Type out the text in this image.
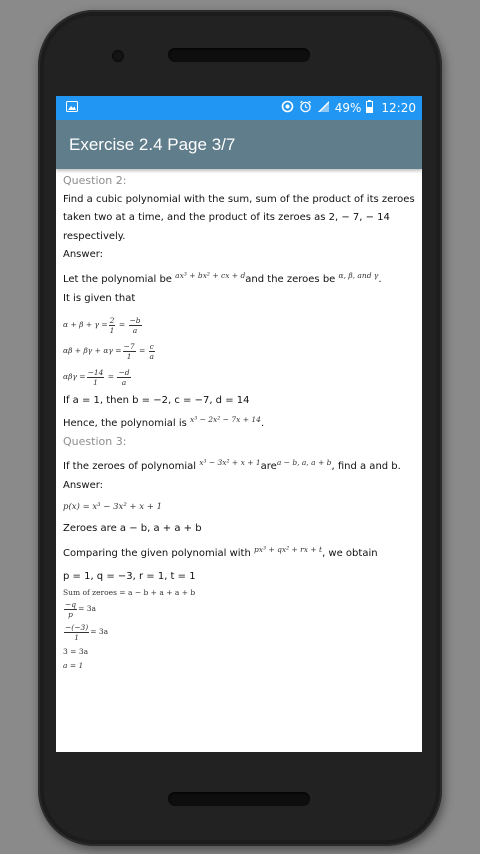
49% 12:20
Exercise 2.4 Page 3/7
Question 2:
Find a cubic polynomial with the sum, sum of the product of its zeroes
taken two at a time, and the product of its zeroes as 2, − 7, − 14
respectively.
Answer:
Let the polynomial be $^{ax^3 + bx^2 + cx + d}$and the zeroes be $^{\alpha, \beta, and \gamma}$.
It is given that
$\alpha + \beta + \gamma = \frac{2}{1} = \frac{-b}{a}$
$\alpha\beta + \beta\gamma + \alpha\gamma = \frac{-7}{1} = \frac{c}{a}$
$\alpha\beta\gamma = \frac{-14}{1} = \frac{-d}{a}$
If a = 1, then b = −2, c = −7, d = 14
Hence, the polynomial is $^{x^3 - 2x^2 - 7x + 14}$.
Question 3:
If the zeroes of polynomial $^{x^3 - 3x^2 + x + 1}$are$^{a - b, a, a + b}$, find a and b.
Answer:
p(x) = x³ − 3x² + x + 1
Zeroes are a − b, a + a + b
Comparing the given polynomial with $^{px^3 + qx^2 + rx + t}$, we obtain
p = 1, q = −3, r = 1, t = 1
Sum of zeroes = a − b + a + a + b
$\frac{-q}{p} = 3a$
$\frac{-(-3)}{1} = 3a$
3 = 3a
a = 1
